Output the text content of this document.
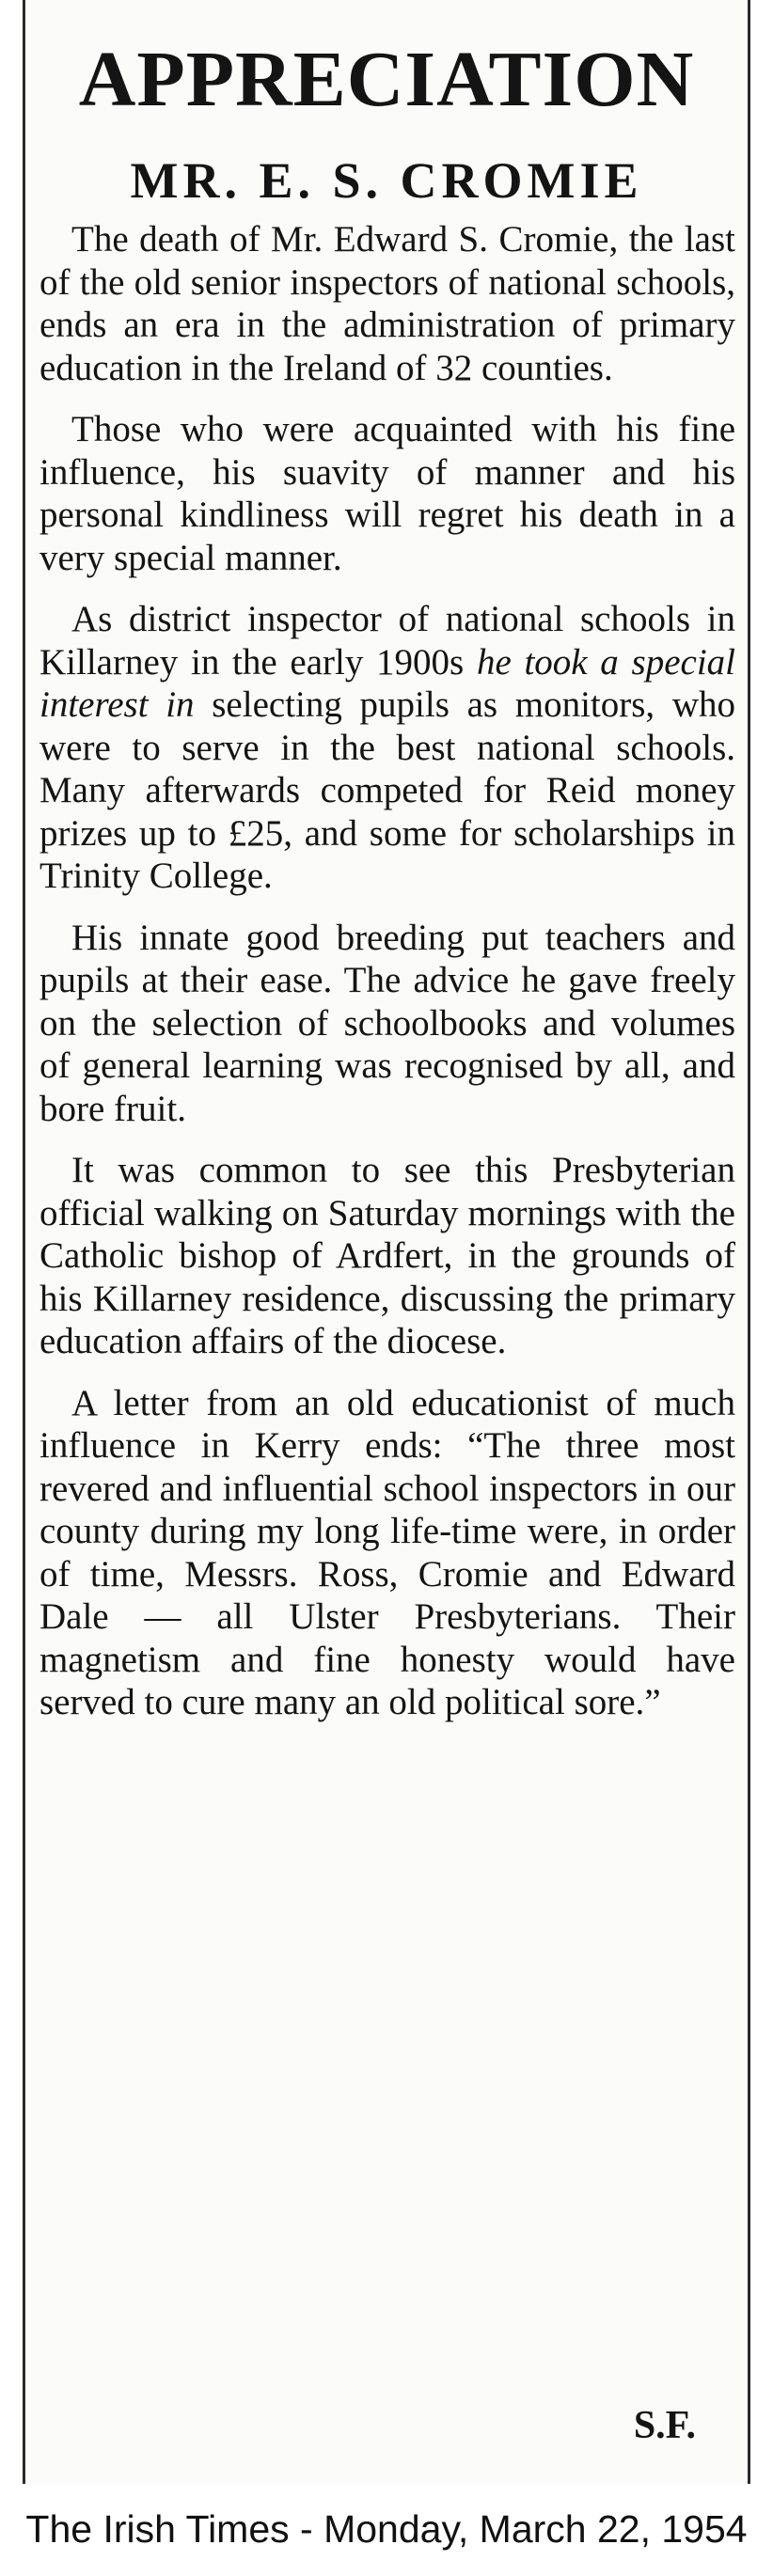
APPRECIATION
MR. E. S. CROMIE

The death of Mr. Edward S. Cromie, the last of the old senior inspectors of national schools, ends an era in the administration of primary education in the Ireland of 32 counties.

Those who were acquainted with his fine influence, his suavity of manner and his personal kindliness will regret his death in a very special manner.

As district inspector of national schools in Killarney in the early 1900s he took a special interest in selecting pupils as monitors, who were to serve in the best national schools. Many afterwards competed for Reid money prizes up to £25, and some for scholarships in Trinity College.

His innate good breeding put teachers and pupils at their ease. The advice he gave freely on the selection of schoolbooks and volumes of general learning was recognised by all, and bore fruit.

It was common to see this Presbyterian official walking on Saturday mornings with the Catholic bishop of Ardfert, in the grounds of his Killarney residence, discussing the primary education affairs of the diocese.

A letter from an old educationist of much influence in Kerry ends: “The three most revered and influential school inspectors in our county during my long life-time were, in order of time, Messrs. Ross, Cromie and Edward Dale — all Ulster Presbyterians. Their magnetism and fine honesty would have served to cure many an old political sore.”

S.F.

The Irish Times - Monday, March 22, 1954
